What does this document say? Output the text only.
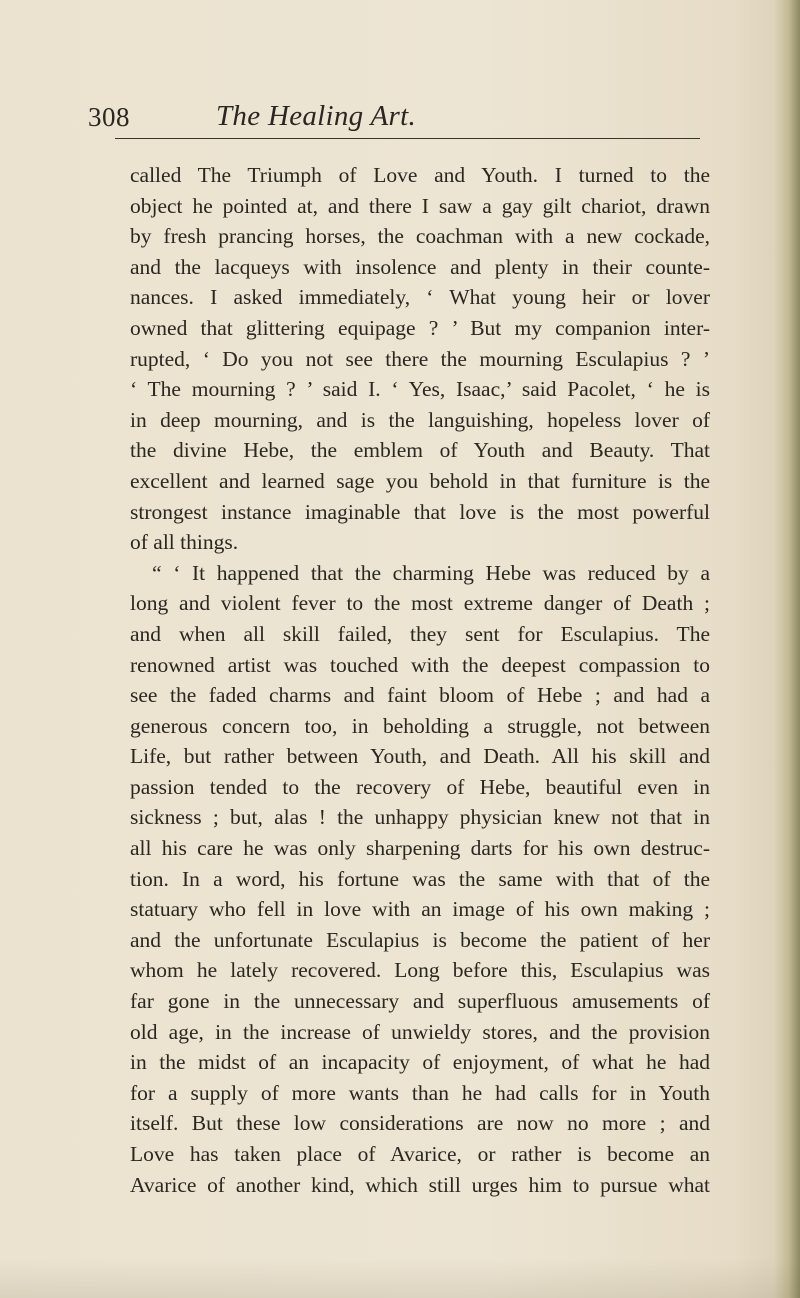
308	The Healing Art.
called The Triumph of Love and Youth. I turned to the
object he pointed at, and there I saw a gay gilt chariot, drawn
by fresh prancing horses, the coachman with a new cockade,
and the lacqueys with insolence and plenty in their counte-
nances. I asked immediately, ‘ What young heir or lover
owned that glittering equipage ? ’ But my companion inter-
rupted, ‘ Do you not see there the mourning Esculapius ? ’
‘ The mourning ? ’ said I. ‘ Yes, Isaac,’ said Pacolet, ‘ he is
in deep mourning, and is the languishing, hopeless lover of
the divine Hebe, the emblem of Youth and Beauty. That
excellent and learned sage you behold in that furniture is the
strongest instance imaginable that love is the most powerful
of all things.
“ ‘ It happened that the charming Hebe was reduced by a
long and violent fever to the most extreme danger of Death ;
and when all skill failed, they sent for Esculapius. The
renowned artist was touched with the deepest compassion to
see the faded charms and faint bloom of Hebe ; and had a
generous concern too, in beholding a struggle, not between
Life, but rather between Youth, and Death. All his skill and
passion tended to the recovery of Hebe, beautiful even in
sickness ; but, alas ! the unhappy physician knew not that in
all his care he was only sharpening darts for his own destruc-
tion. In a word, his fortune was the same with that of the
statuary who fell in love with an image of his own making ;
and the unfortunate Esculapius is become the patient of her
whom he lately recovered. Long before this, Esculapius was
far gone in the unnecessary and superfluous amusements of
old age, in the increase of unwieldy stores, and the provision
in the midst of an incapacity of enjoyment, of what he had
for a supply of more wants than he had calls for in Youth
itself. But these low considerations are now no more ; and
Love has taken place of Avarice, or rather is become an
Avarice of another kind, which still urges him to pursue what
